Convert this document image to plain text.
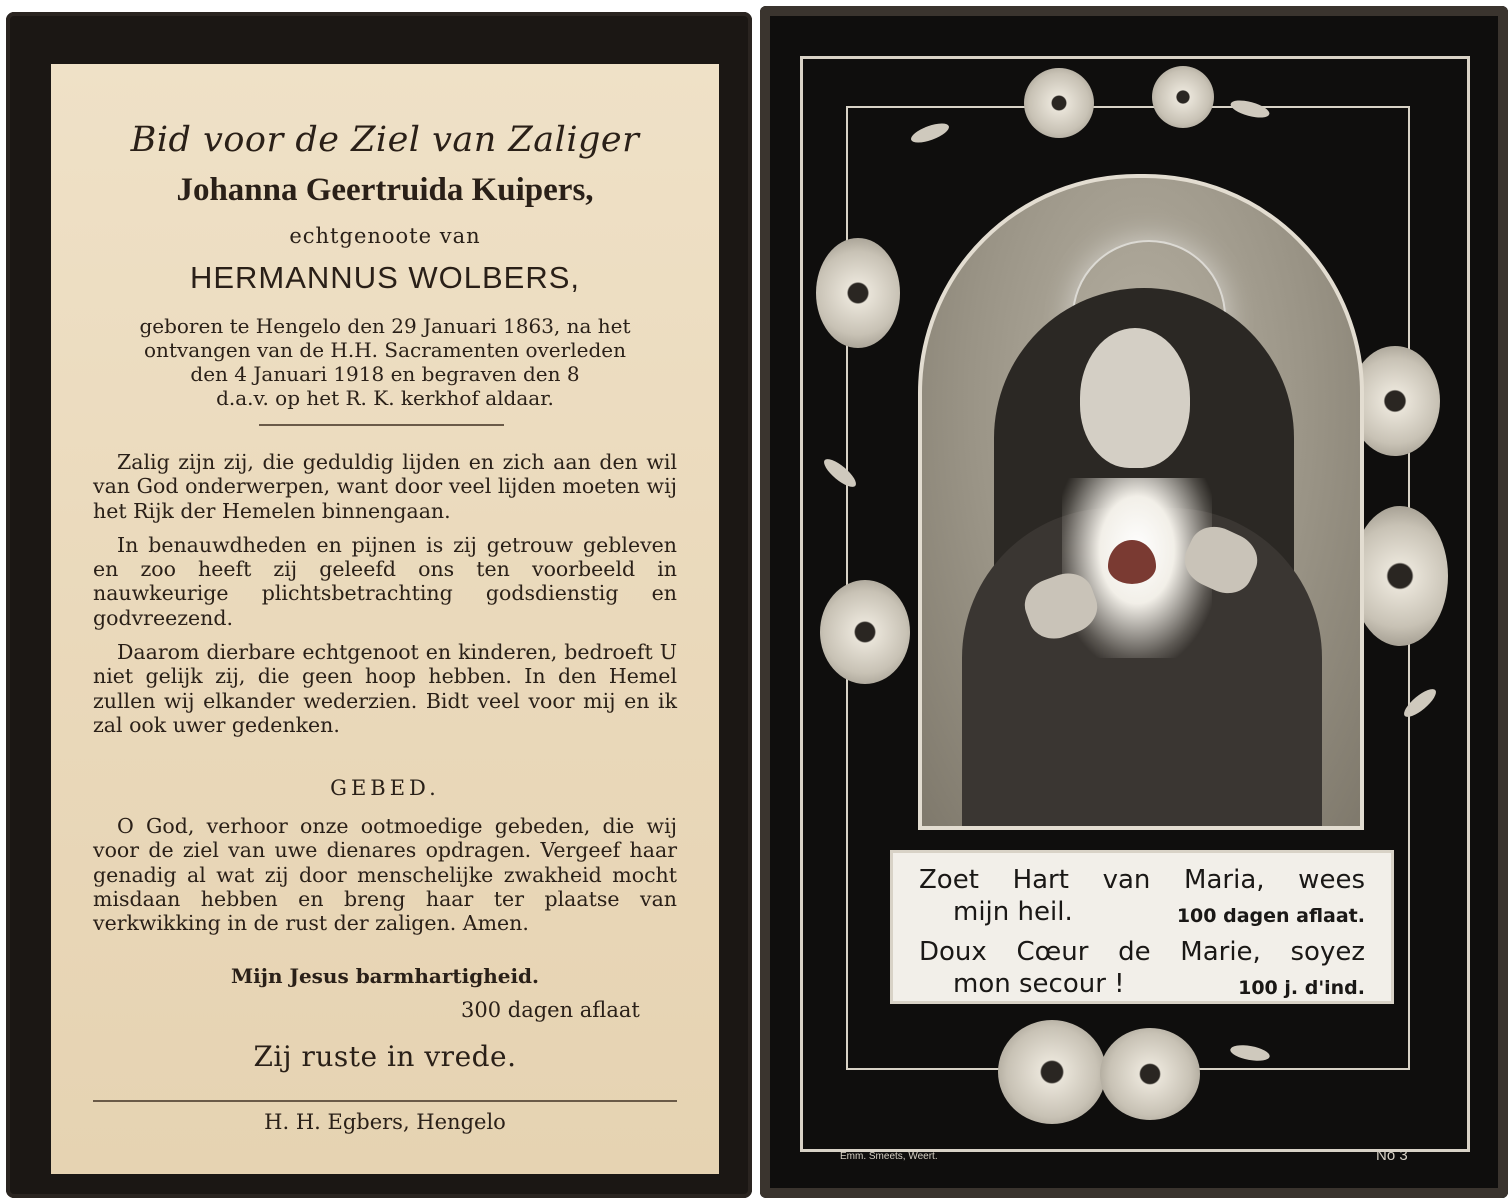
Bid voor de Ziel van Zaliger
Johanna Geertruida Kuipers,
echtgenoote van
HERMANNUS WOLBERS,
geboren te Hengelo den 29 Januari 1863, na het
ontvangen van de H.H. Sacramenten overleden
den 4 Januari 1918 en begraven den 8
d.a.v. op het R. K. kerkhof aldaar.

Zalig zijn zij, die geduldig lijden en zich aan den wil van God onderwerpen, want door veel lijden moeten wij het Rijk der Hemelen binnengaan.

In benauwdheden en pijnen is zij getrouw gebleven en zoo heeft zij geleefd ons ten voorbeeld in nauwkeurige plichtsbetrachting godsdienstig en godvreezend.

Daarom dierbare echtgenoot en kinderen, bedroeft U niet gelijk zij, die geen hoop hebben. In den Hemel zullen wij elkander wederzien. Bidt veel voor mij en ik zal ook uwer gedenken.

GEBED.

O God, verhoor onze ootmoedige gebeden, die wij voor de ziel van uwe dienares opdragen. Vergeef haar genadig al wat zij door menschelijke zwakheid mocht misdaan hebben en breng haar ter plaatse van verkwikking in de rust der zaligen. Amen.

Mijn Jesus barmhartigheid.
300 dagen aflaat
Zij ruste in vrede.
H. H. Egbers, Hengelo
Zoet Hart van Maria, wees
mijn heil.	100 dagen aflaat.
Doux Cœur de Marie, soyez
mon secour !	100 j. d'ind.
Emm. Smeets, Weert.	No 3
